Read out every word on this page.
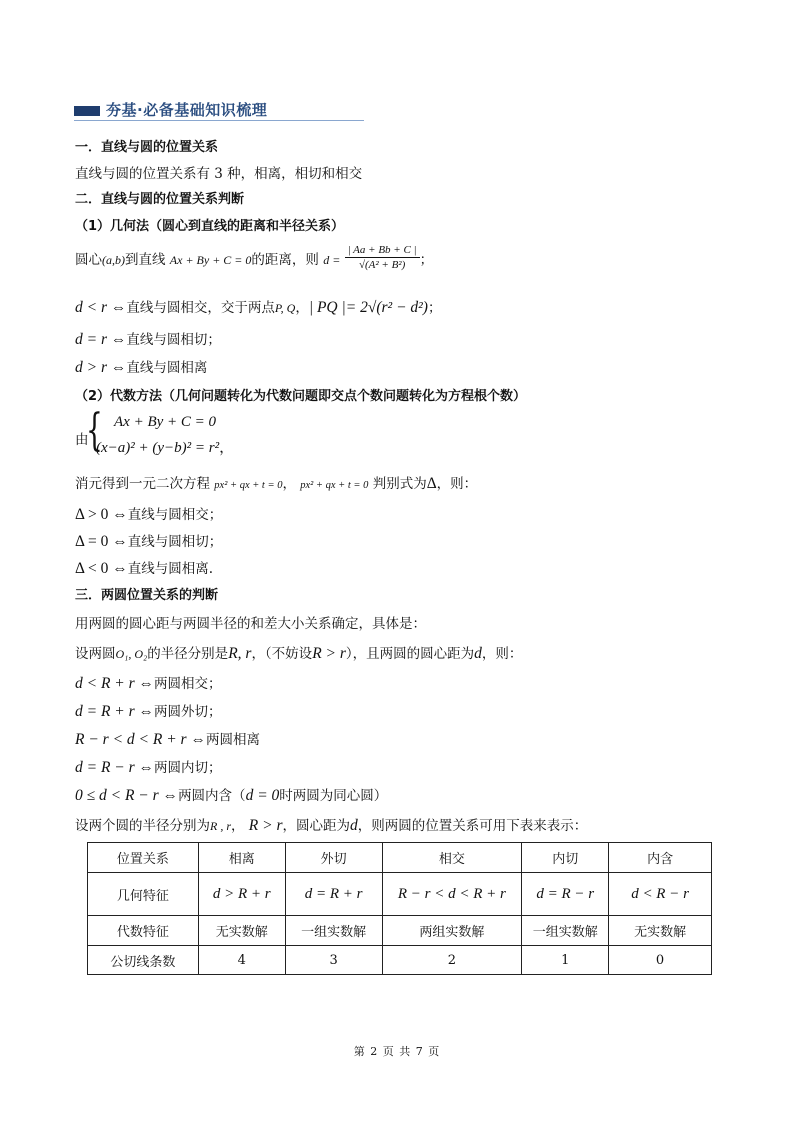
夯基·必备基础知识梳理
一．直线与圆的位置关系
直线与圆的位置关系有 3 种，相离，相切和相交
二．直线与圆的位置关系判断
（1）几何法（圆心到直线的距离和半径关系）
圆心(a,b)到直线 Ax + By + C = 0的距离，则 $d = \frac{| Aa + Bb + C |}{\text{√(A² + B²)}}$ ；
d < r ⇔直线与圆相交，交于两点P, Q，| PQ |= 2√(r² − d²)；
d = r ⇔直线与圆相切；
d > r ⇔直线与圆相离
（2）代数方法（几何问题转化为代数问题即交点个数问题转化为方程根个数）
由
{ Ax + By + C = 0
(x−a)² + (y−b)² = r²，
消元得到一元二次方程 px² + qx + t = 0， px² + qx + t = 0 判别式为Δ，则：
Δ > 0 ⇔直线与圆相交；
Δ = 0 ⇔直线与圆相切；
Δ < 0 ⇔直线与圆相离.
三．两圆位置关系的判断
用两圆的圆心距与两圆半径的和差大小关系确定，具体是：
设两圆O₁, O₂的半径分别是R, r，（不妨设R > r），且两圆的圆心距为d，则：
d < R + r ⇔两圆相交；
d = R + r ⇔两圆外切；
R − r < d < R + r ⇔两圆相离
d = R − r ⇔两圆内切；
0 ≤ d < R − r ⇔两圆内含（d = 0时两圆为同心圆）
设两个圆的半径分别为R , r， R > r，圆心距为d，则两圆的位置关系可用下表来表示：
位置关系	相离	外切	相交	内切	内含
几何特征	d > R + r	d = R + r	R − r < d < R + r	d = R − r	d < R − r
代数特征	无实数解	一组实数解	两组实数解	一组实数解	无实数解
公切线条数	4	3	2	1	0
第 2 页 共 7 页
